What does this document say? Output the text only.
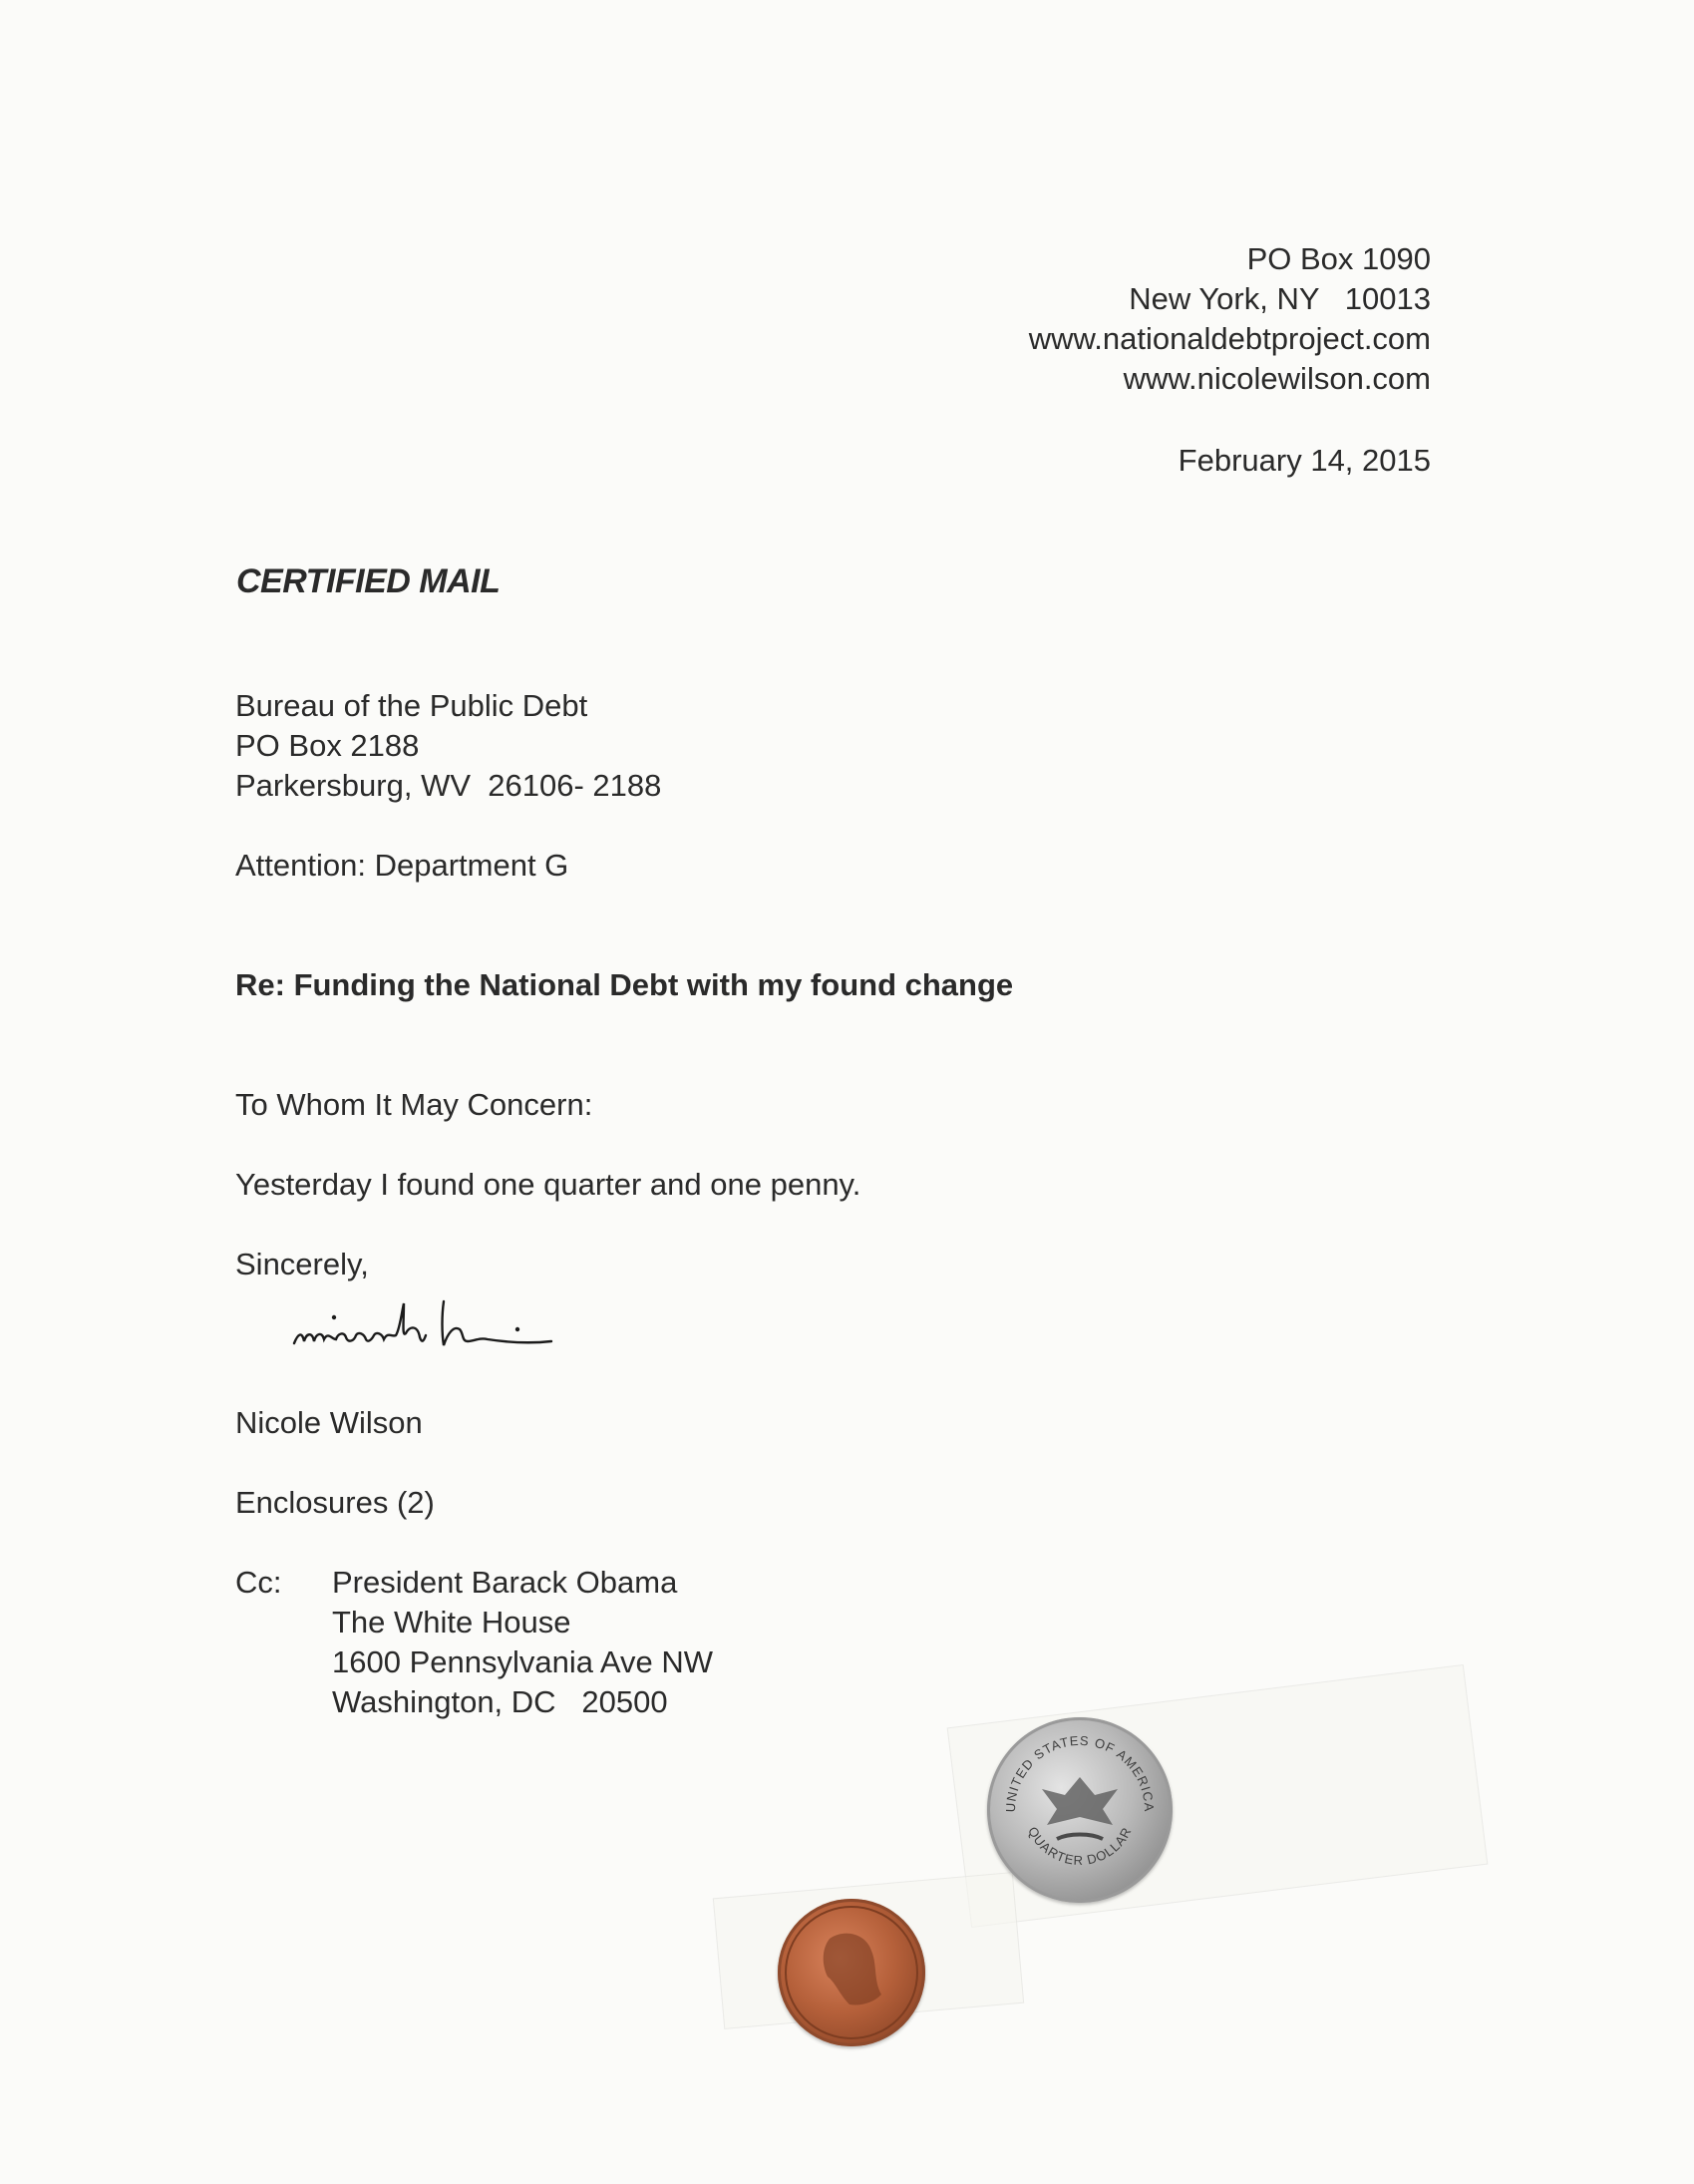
PO Box 1090
New York, NY   10013
www.nationaldebtproject.com
www.nicolewilson.com
February 14, 2015
CERTIFIED MAIL
Bureau of the Public Debt
PO Box 2188
Parkersburg, WV  26106- 2188
Attention: Department G
Re: Funding the National Debt with my found change
To Whom It May Concern:
Yesterday I found one quarter and one penny.
Sincerely,
Nicole Wilson
Enclosures (2)
Cc: President Barack Obama
The White House
1600 Pennsylvania Ave NW
Washington, DC   20500
UNITED STATES OF AMERICA
QUARTER DOLLAR
